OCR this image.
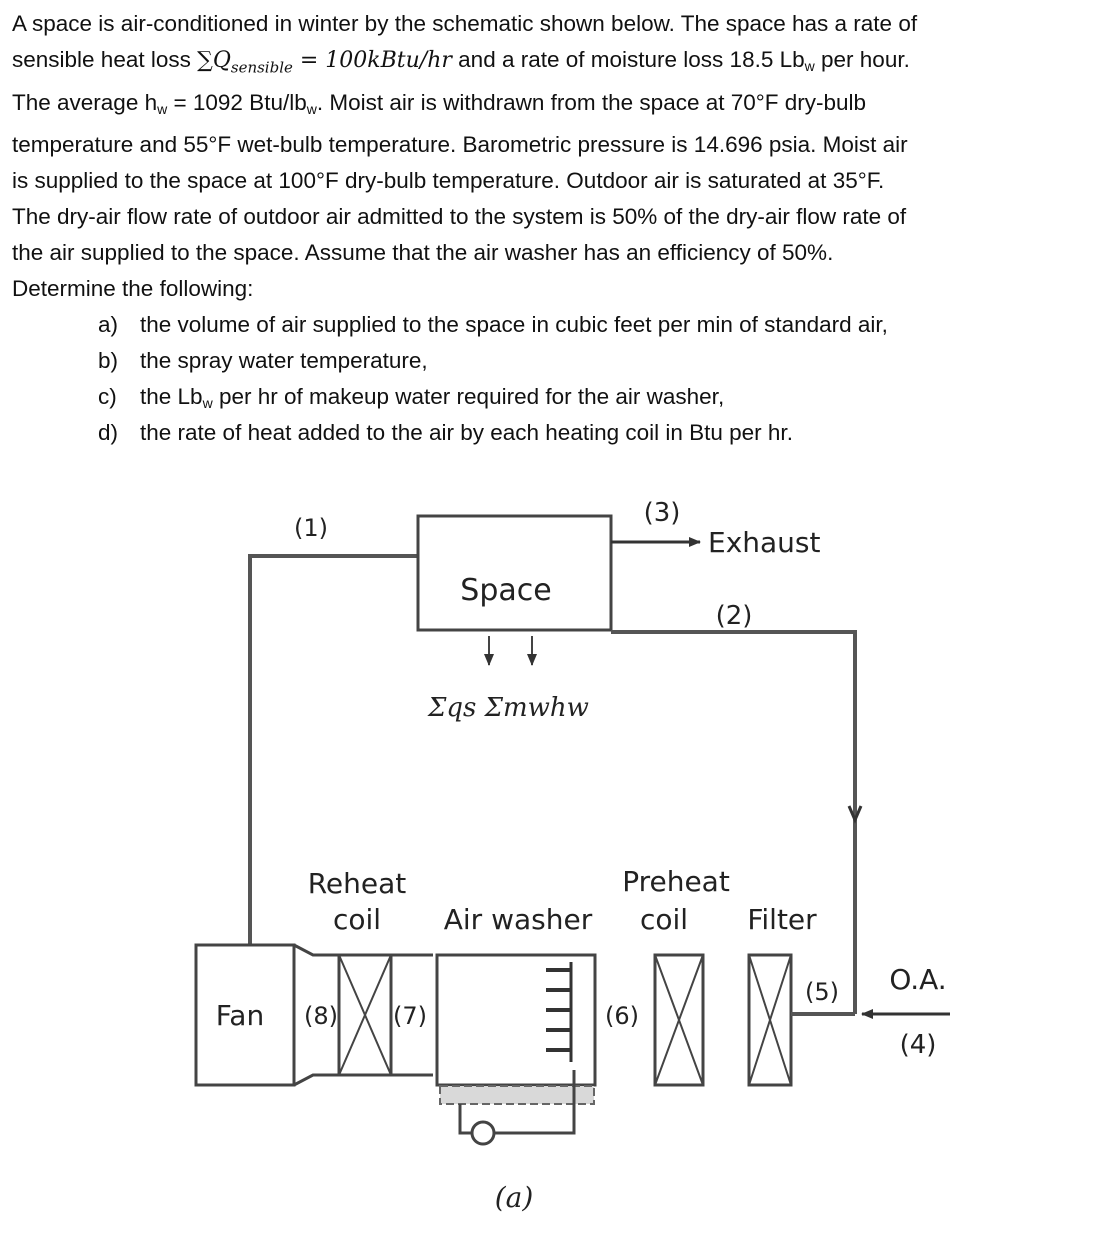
A space is air-conditioned in winter by the schematic shown below. The space has a rate of

sensible heat loss $\sum Q_{sensible}$ = 100kBtu/hr and a rate of moisture loss 18.5 $Lb_w$ per hour.

The average $h_w = 1092$ Btu/$lb_w$. Moist air is withdrawn from the space at 70°F dry-bulb

temperature and 55°F wet-bulb temperature. Barometric pressure is 14.696 psia. Moist air

is supplied to the space at 100°F dry-bulb temperature. Outdoor air is saturated at 35°F.

The dry-air flow rate of outdoor air admitted to the system is 50% of the dry-air flow rate of

the air supplied to the space. Assume that the air washer has an efficiency of 50%.

Determine the following:

a) the volume of air supplied to the space in cubic feet per min of standard air,
b) the spray water temperature,
c)	the $Lb_w$ per hr of makeup water required for the air washer,
d) the rate of heat added to the air by each heating coil in Btu per hr.
Space
Exhaust
(3)
(2)
(1)
Σqs Σmwhw
Reheat
coil Air washer
Preheat
coil Filter
Fan (8) (7)	(6)
(5) O.A.
(4)
(a)
